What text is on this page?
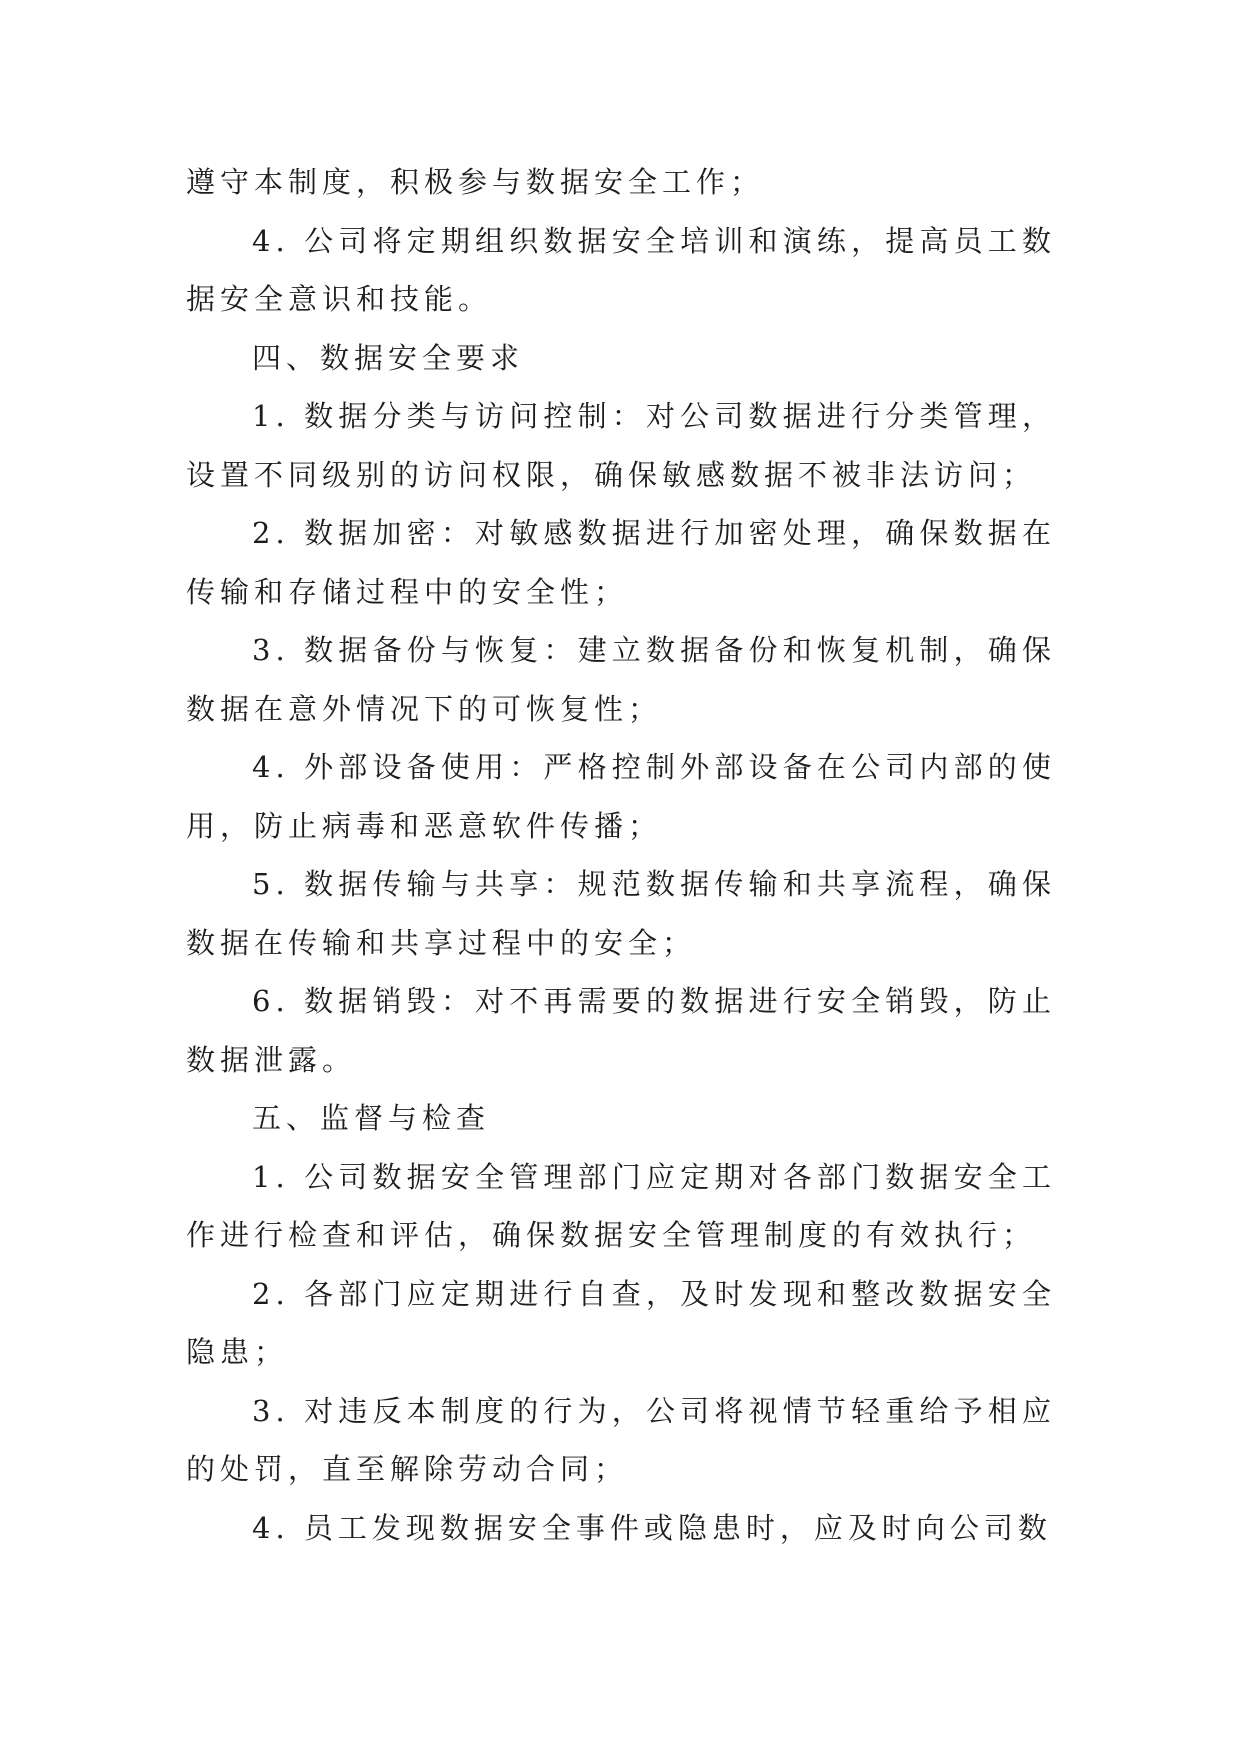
遵守本制度，积极参与数据安全工作；

4. 公司将定期组织数据安全培训和演练，提高员工数据安全意识和技能。

四、数据安全要求

1. 数据分类与访问控制：对公司数据进行分类管理，设置不同级别的访问权限，确保敏感数据不被非法访问；

2. 数据加密：对敏感数据进行加密处理，确保数据在传输和存储过程中的安全性；

3. 数据备份与恢复：建立数据备份和恢复机制，确保数据在意外情况下的可恢复性；

4. 外部设备使用：严格控制外部设备在公司内部的使用，防止病毒和恶意软件传播；

5. 数据传输与共享：规范数据传输和共享流程，确保数据在传输和共享过程中的安全；

6. 数据销毁：对不再需要的数据进行安全销毁，防止数据泄露。

五、监督与检查

1. 公司数据安全管理部门应定期对各部门数据安全工作进行检查和评估，确保数据安全管理制度的有效执行；

2. 各部门应定期进行自查，及时发现和整改数据安全隐患；

3. 对违反本制度的行为，公司将视情节轻重给予相应的处罚，直至解除劳动合同；

4. 员工发现数据安全事件或隐患时，应及时向公司数
